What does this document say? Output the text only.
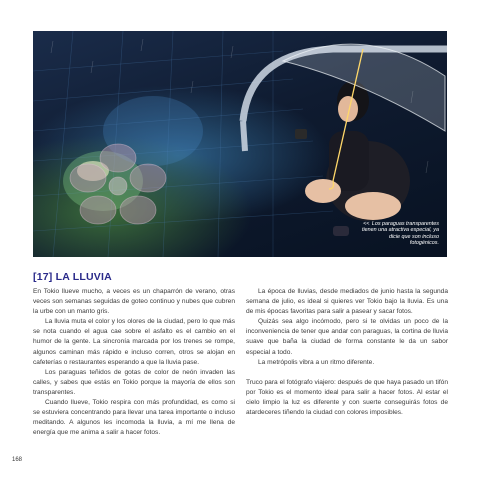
<< Los paraguas transparentes tienen una atractiva especial, ya dicie que son incluso fotogénicos.
[17] LA LLUVIA

En Tokio llueve mucho, a veces es un chaparrón de verano, otras veces son semanas seguidas de goteo continuo y nubes que cubren la urbe con un manto gris.

La lluvia muta el color y los olores de la ciudad, pero lo que más se nota cuando el agua cae sobre el asfalto es el cambio en el humor de la gente. La sincronía marcada por los trenes se rompe, algunos caminan más rápido e incluso corren, otros se alojan en cafeterías o restaurantes esperando a que la lluvia pase.

Los paraguas teñidos de gotas de color de neón invaden las calles, y sabes que estás en Tokio porque la mayoría de ellos son transparentes.

Cuando llueve, Tokio respira con más profundidad, es como si se estuviera concentrando para llevar una tarea importante o incluso meditando. A algunos les incomoda la lluvia, a mí me llena de energía que me anima a salir a hacer fotos.

La época de lluvias, desde mediados de junio hasta la segunda semana de julio, es ideal si quieres ver Tokio bajo la lluvia. Es una de mis épocas favoritas para salir a pasear y sacar fotos.

Quizás sea algo incómodo, pero si te olvidas un poco de la inconveniencia de tener que andar con paraguas, la cortina de lluvia suave que baña la ciudad de forma constante le da un sabor especial a todo.

La metrópolis vibra a un ritmo diferente.

Truco para el fotógrafo viajero: después de que haya pasado un tifón por Tokio es el momento ideal para salir a hacer fotos. Al estar el cielo limpio la luz es diferente y con suerte conseguirás fotos de atardeceres tiñendo la ciudad con colores imposibles.

168
